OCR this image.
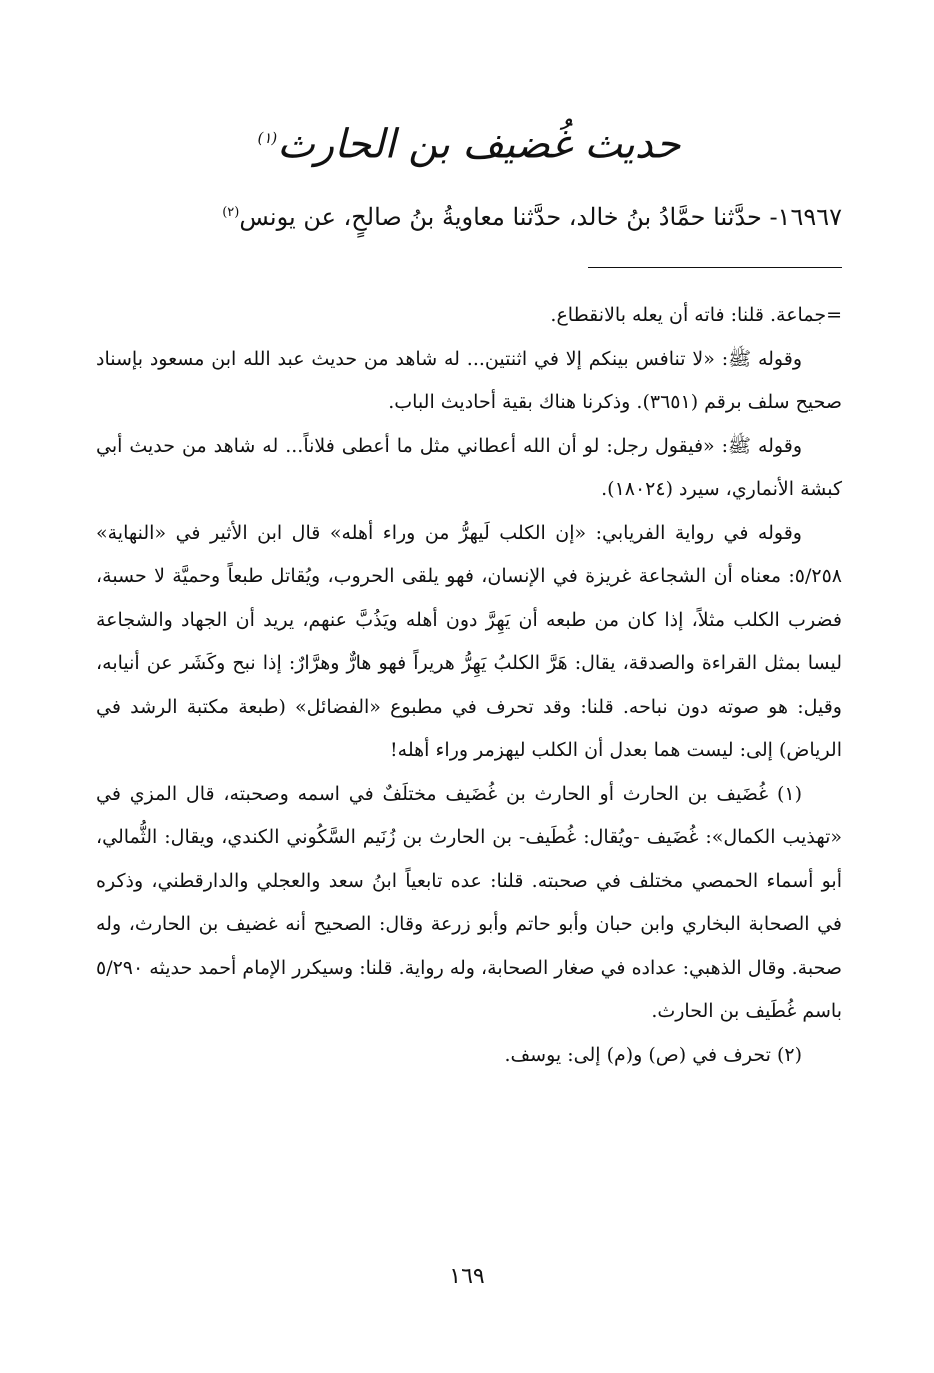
حديث غُضيف بن الحارث$^{(١)}$
١٦٩٦٧- حدَّثنا حمَّادُ بنُ خالد، حدَّثنا معاويةُ بنُ صالحٍ، عن يونس$^{(٢)}$

=جماعة. قلنا: فاته أن يعله بالانقطاع.

وقوله ﷺ: «لا تنافس بينكم إلا في اثنتين... له شاهد من حديث عبد الله ابن مسعود بإسناد صحيح سلف برقم (٣٦٥١). وذكرنا هناك بقية أحاديث الباب.

وقوله ﷺ: «فيقول رجل: لو أن الله أعطاني مثل ما أعطى فلاناً... له شاهد من حديث أبي كبشة الأنماري، سيرد (١٨٠٢٤).

وقوله في رواية الفريابي: «إن الكلب لَيهرُّ من وراء أهله» قال ابن الأثير في «النهاية» ٥/٢٥٨: معناه أن الشجاعة غريزة في الإنسان، فهو يلقى الحروب، ويُقاتل طبعاً وحميَّة لا حسبة، فضرب الكلب مثلاً، إذا كان من طبعه أن يَهِرَّ دون أهله ويَذُبَّ عنهم، يريد أن الجهاد والشجاعة ليسا بمثل القراءة والصدقة، يقال: هَرَّ الكلبُ يَهِرُّ هريراً فهو هارٌّ وهرَّارٌ: إذا نبح وكَشَر عن أنيابه، وقيل: هو صوته دون نباحه. قلنا: وقد تحرف في مطبوع «الفضائل» (طبعة مكتبة الرشد في الرياض) إلى: ليست هما بعدل أن الكلب ليهزمر وراء أهله!

(١) غُضَيف بن الحارث أو الحارث بن غُضَيف مختلَفٌ في اسمه وصحبته، قال المزي في «تهذيب الكمال»: غُضَيف -ويُقال: غُطَيف- بن الحارث بن زُنَيم السَّكُوني الكندي، ويقال: الثُّمالي، أبو أسماء الحمصي مختلف في صحبته. قلنا: عده تابعياً ابنُ سعد والعجلي والدارقطني، وذكره في الصحابة البخاري وابن حبان وأبو حاتم وأبو زرعة وقال: الصحيح أنه غضيف بن الحارث، وله صحبة. وقال الذهبي: عداده في صغار الصحابة، وله رواية. قلنا: وسيكرر الإمام أحمد حديثه ٥/٢٩٠ باسم غُطَيف بن الحارث.

(٢) تحرف في (ص) و(م) إلى: يوسف.

١٦٩
